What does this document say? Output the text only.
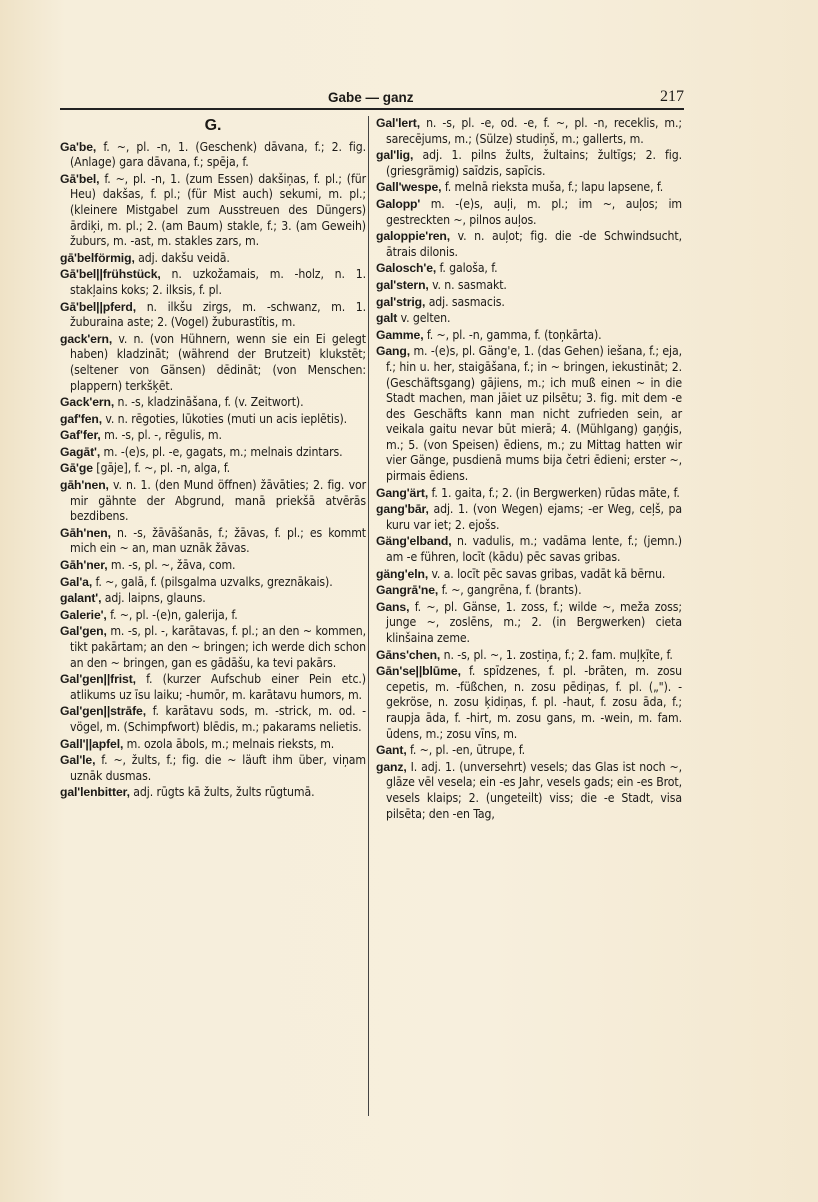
Gabe — ganz	217
G.
Ga'be, f. ~, pl. -n, 1. (Geschenk) dāvana, f.; 2. fig. (Anlage) gara dāvana, f.; spēja, f.
Gā'bel, f. ~, pl. -n, 1. (zum Essen) dakšiņas, f. pl.; (für Heu) dakšas, f. pl.; (für Mist auch) sekumi, m. pl.; (kleinere Mistgabel zum Ausstreuen des Düngers) ārdiķi, m. pl.; 2. (am Baum) stakle, f.; 3. (am Geweih) žuburs, m. -ast, m. stakles zars, m.
gā'belförmig, adj. dakšu veidā.
Gā'bel||frühstück, n. uzkožamais, m. -holz, n. 1. stakļains koks; 2. ilksis, f. pl.
Gā'bel||pferd, n. ilkšu zirgs, m. -schwanz, m. 1. žuburaina aste; 2. (Vogel) žuburastītis, m.
gack'ern, v. n. (von Hühnern, wenn sie ein Ei gelegt haben) kladzināt; (während der Brutzeit) klukstēt; (seltener von Gänsen) dēdināt; (von Menschen: plappern) terkšķēt.
Gack'ern, n. -s, kladzināšana, f. (v. Zeitwort).
gaf'fen, v. n. rēgoties, lūkoties (muti un acis ieplētis).
Gaf'fer, m. -s, pl. -, rēgulis, m.
Gagāt', m. -(e)s, pl. -e, gagats, m.; melnais dzintars.
Gā'ge [gāje], f. ~, pl. -n, alga, f.
gāh'nen, v. n. 1. (den Mund öffnen) žāvāties; 2. fig. vor mir gähnte der Abgrund, manā priekšā atvērās bezdibens.
Gāh'nen, n. -s, žāvāšanās, f.; žāvas, f. pl.; es kommt mich ein ~ an, man uznāk žāvas.
Gāh'ner, m. -s, pl. ~, žāva, com.
Gal'a, f. ~, galā, f. (pilsgalma uzvalks, greznākais).
galant', adj. laipns, glauns.
Galerie', f. ~, pl. -(e)n, galerija, f.
Gal'gen, m. -s, pl. -, karātavas, f. pl.; an den ~ kommen, tikt pakārtam; an den ~ bringen; ich werde dich schon an den ~ bringen, gan es gādāšu, ka tevi pakārs.
Gal'gen||frist, f. (kurzer Aufschub einer Pein etc.) atlikums uz īsu laiku; -humōr, m. karātavu humors, m.
Gal'gen||strāfe, f. karātavu sods, m. -strick, m. od. -vögel, m. (Schimpfwort) blēdis, m.; pakarams nelietis.
Gall'||apfel, m. ozola ābols, m.; melnais rieksts, m.
Gal'le, f. ~, žults, f.; fig. die ~ läuft ihm über, viņam uznāk dusmas.
gal'lenbitter, adj. rūgts kā žults, žults rūgtumā.
Gal'lert, n. -s, pl. -e, od. -e, f. ~, pl. -n, receklis, m.; sarecējums, m.; (Sülze) studiņš, m.; gallerts, m.
gal'lig, adj. 1. pilns žults, žultains; žultīgs; 2. fig. (griesgrämig) saīdzis, sapīcis.
Gall'wespe, f. melnā rieksta muša, f.; lapu lapsene, f.
Galopp' m. -(e)s, auļi, m. pl.; im ~, auļos; im gestreckten ~, pilnos auļos.
galoppie'ren, v. n. auļot; fig. die -de Schwindsucht, ātrais dilonis.
Galosch'e, f. galoša, f.
gal'stern, v. n. sasmakt.
gal'strig, adj. sasmacis.
galt v. gelten.
Gamme, f. ~, pl. -n, gamma, f. (toņkārta).
Gang, m. -(e)s, pl. Gäng'e, 1. (das Gehen) iešana, f.; eja, f.; hin u. her, staigāšana, f.; in ~ bringen, iekustināt; 2. (Geschäftsgang) gājiens, m.; ich muß einen ~ in die Stadt machen, man jāiet uz pilsētu; 3. fig. mit dem -e des Geschäfts kann man nicht zufrieden sein, ar veikala gaitu nevar būt mierā; 4. (Mühlgang) gaņģis, m.; 5. (von Speisen) ēdiens, m.; zu Mittag hatten wir vier Gänge, pusdienā mums bija četri ēdieni; erster ~, pirmais ēdiens.
Gang'ärt, f. 1. gaita, f.; 2. (in Bergwerken) rūdas māte, f.
gang'bār, adj. 1. (von Wegen) ejams; -er Weg, ceļš, pa kuru var iet; 2. ejošs.
Gäng'elband, n. vadulis, m.; vadāma lente, f.; (jemn.) am -e führen, locīt (kādu) pēc savas gribas.
gäng'eln, v. a. locīt pēc savas gribas, vadāt kā bērnu.
Gangrā'ne, f. ~, gangrēna, f. (brants).
Gans, f. ~, pl. Gänse, 1. zoss, f.; wilde ~, meža zoss; junge ~, zoslēns, m.; 2. (in Bergwerken) cieta klinšaina zeme.
Gāns'chen, n. -s, pl. ~, 1. zostiņa, f.; 2. fam. muļķīte, f.
Gān'se||blūme, f. spīdzenes, f. pl. -brāten, m. zosu cepetis, m. -füßchen, n. zosu pēdiņas, f. pl. („"). -gekröse, n. zosu ķidiņas, f. pl. -haut, f. zosu āda, f.; raupja āda, f. -hirt, m. zosu gans, m. -wein, m. fam. ūdens, m.; zosu vīns, m.
Gant, f. ~, pl. -en, ūtrupe, f.
ganz, I. adj. 1. (unversehrt) vesels; das Glas ist noch ~, glāze vēl vesela; ein -es Jahr, vesels gads; ein -es Brot, vesels klaips; 2. (ungeteilt) viss; die -e Stadt, visa pilsēta; den -en Tag,
